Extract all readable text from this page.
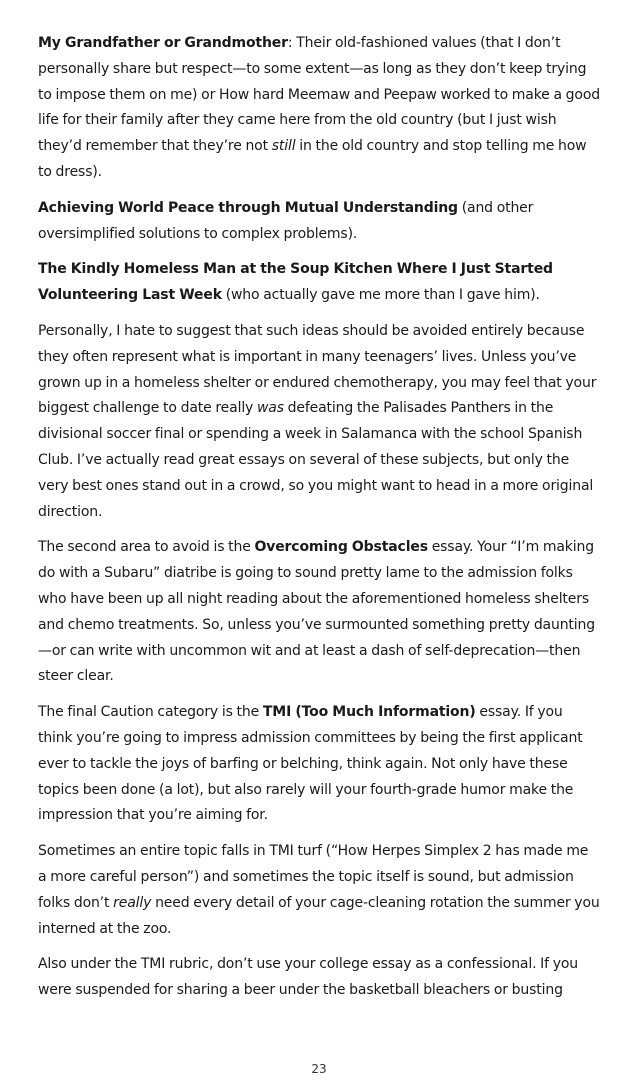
My Grandfather or Grandmother: Their old-fashioned values (that I don’t personally share but respect—to some extent—as long as they don’t keep trying to impose them on me) or How hard Meemaw and Peepaw worked to make a good life for their family after they came here from the old country (but I just wish they’d remember that they’re not still in the old country and stop telling me how to dress).

Achieving World Peace through Mutual Understanding (and other oversimplified solutions to complex problems).

The Kindly Homeless Man at the Soup Kitchen Where I Just Started Volunteering Last Week (who actually gave me more than I gave him).

Personally, I hate to suggest that such ideas should be avoided entirely because they often represent what is important in many teenagers’ lives. Unless you’ve grown up in a homeless shelter or endured chemotherapy, you may feel that your biggest challenge to date really was defeating the Palisades Panthers in the divisional soccer final or spending a week in Salamanca with the school Spanish Club. I’ve actually read great essays on several of these subjects, but only the very best ones stand out in a crowd, so you might want to head in a more original direction.

The second area to avoid is the Overcoming Obstacles essay. Your “I’m making do with a Subaru” diatribe is going to sound pretty lame to the admission folks who have been up all night reading about the aforementioned homeless shelters and chemo treatments. So, unless you’ve surmounted something pretty daunting—or can write with uncommon wit and at least a dash of self-deprecation—then steer clear.

The final Caution category is the TMI (Too Much Information) essay. If you think you’re going to impress admission committees by being the first applicant ever to tackle the joys of barfing or belching, think again. Not only have these topics been done (a lot), but also rarely will your fourth-grade humor make the impression that you’re aiming for.

Sometimes an entire topic falls in TMI turf (“How Herpes Simplex 2 has made me a more careful person”) and sometimes the topic itself is sound, but admission folks don’t really need every detail of your cage-cleaning rotation the summer you interned at the zoo.

Also under the TMI rubric, don’t use your college essay as a confessional. If you were suspended for sharing a beer under the basketball bleachers or busting

23
